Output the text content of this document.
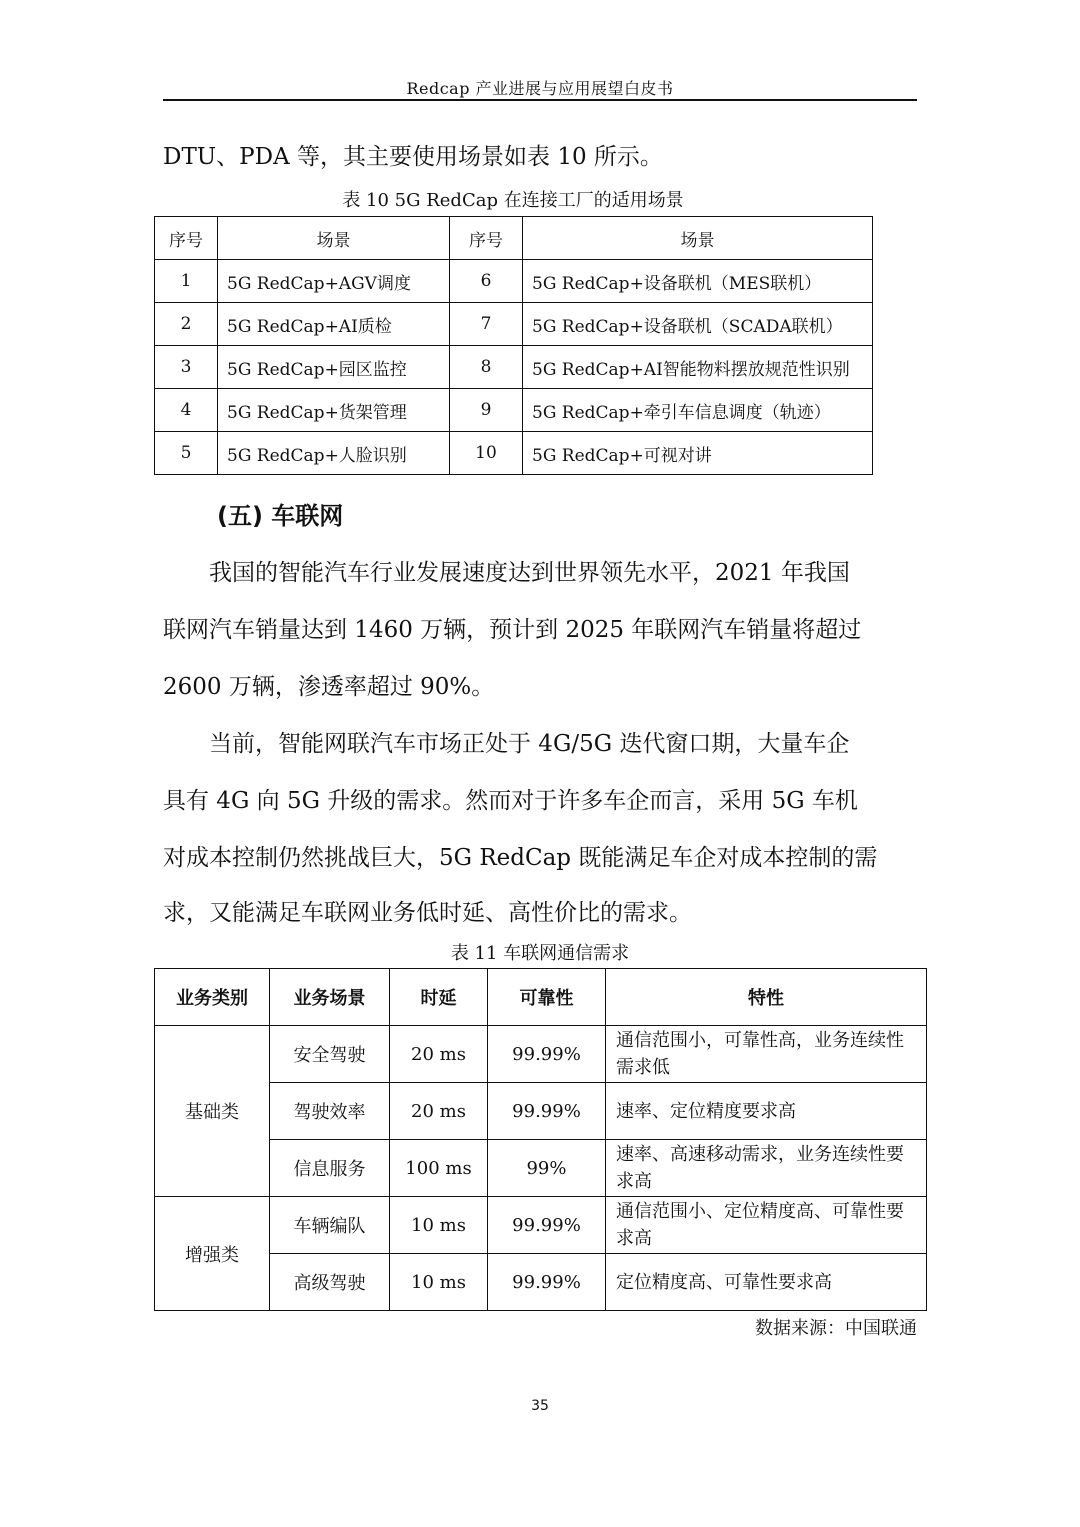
Redcap 产业进展与应用展望白皮书
DTU、PDA 等，其主要使用场景如表 10 所示。
表 10 5G RedCap 在连接工厂的适用场景
序号	场景	序号	场景
1	5G RedCap+AGV调度	6	5G RedCap+设备联机（MES联机）
2	5G RedCap+AI质检	7	5G RedCap+设备联机（SCADA联机）
3	5G RedCap+园区监控	8	5G RedCap+AI智能物料摆放规范性识别
4	5G RedCap+货架管理	9	5G RedCap+牵引车信息调度（轨迹）
5	5G RedCap+人脸识别	10	5G RedCap+可视对讲
(五) 车联网
　　我国的智能汽车行业发展速度达到世界领先水平，2021 年我国
联网汽车销量达到 1460 万辆，预计到 2025 年联网汽车销量将超过
2600 万辆，渗透率超过 90%。
　　当前，智能网联汽车市场正处于 4G/5G 迭代窗口期，大量车企
具有 4G 向 5G 升级的需求。然而对于许多车企而言，采用 5G 车机
对成本控制仍然挑战巨大，5G RedCap 既能满足车企对成本控制的需
求，又能满足车联网业务低时延、高性价比的需求。
表 11 车联网通信需求
业务类别	业务场景	时延	可靠性	特性
基础类	安全驾驶	20 ms	99.99%	通信范围小，可靠性高，业务连续性需求低
	驾驶效率	20 ms	99.99%	速率、定位精度要求高
	信息服务	100 ms	99%	速率、高速移动需求，业务连续性要求高
增强类	车辆编队	10 ms	99.99%	通信范围小、定位精度高、可靠性要求高
	高级驾驶	10 ms	99.99%	定位精度高、可靠性要求高
数据来源：中国联通
35
